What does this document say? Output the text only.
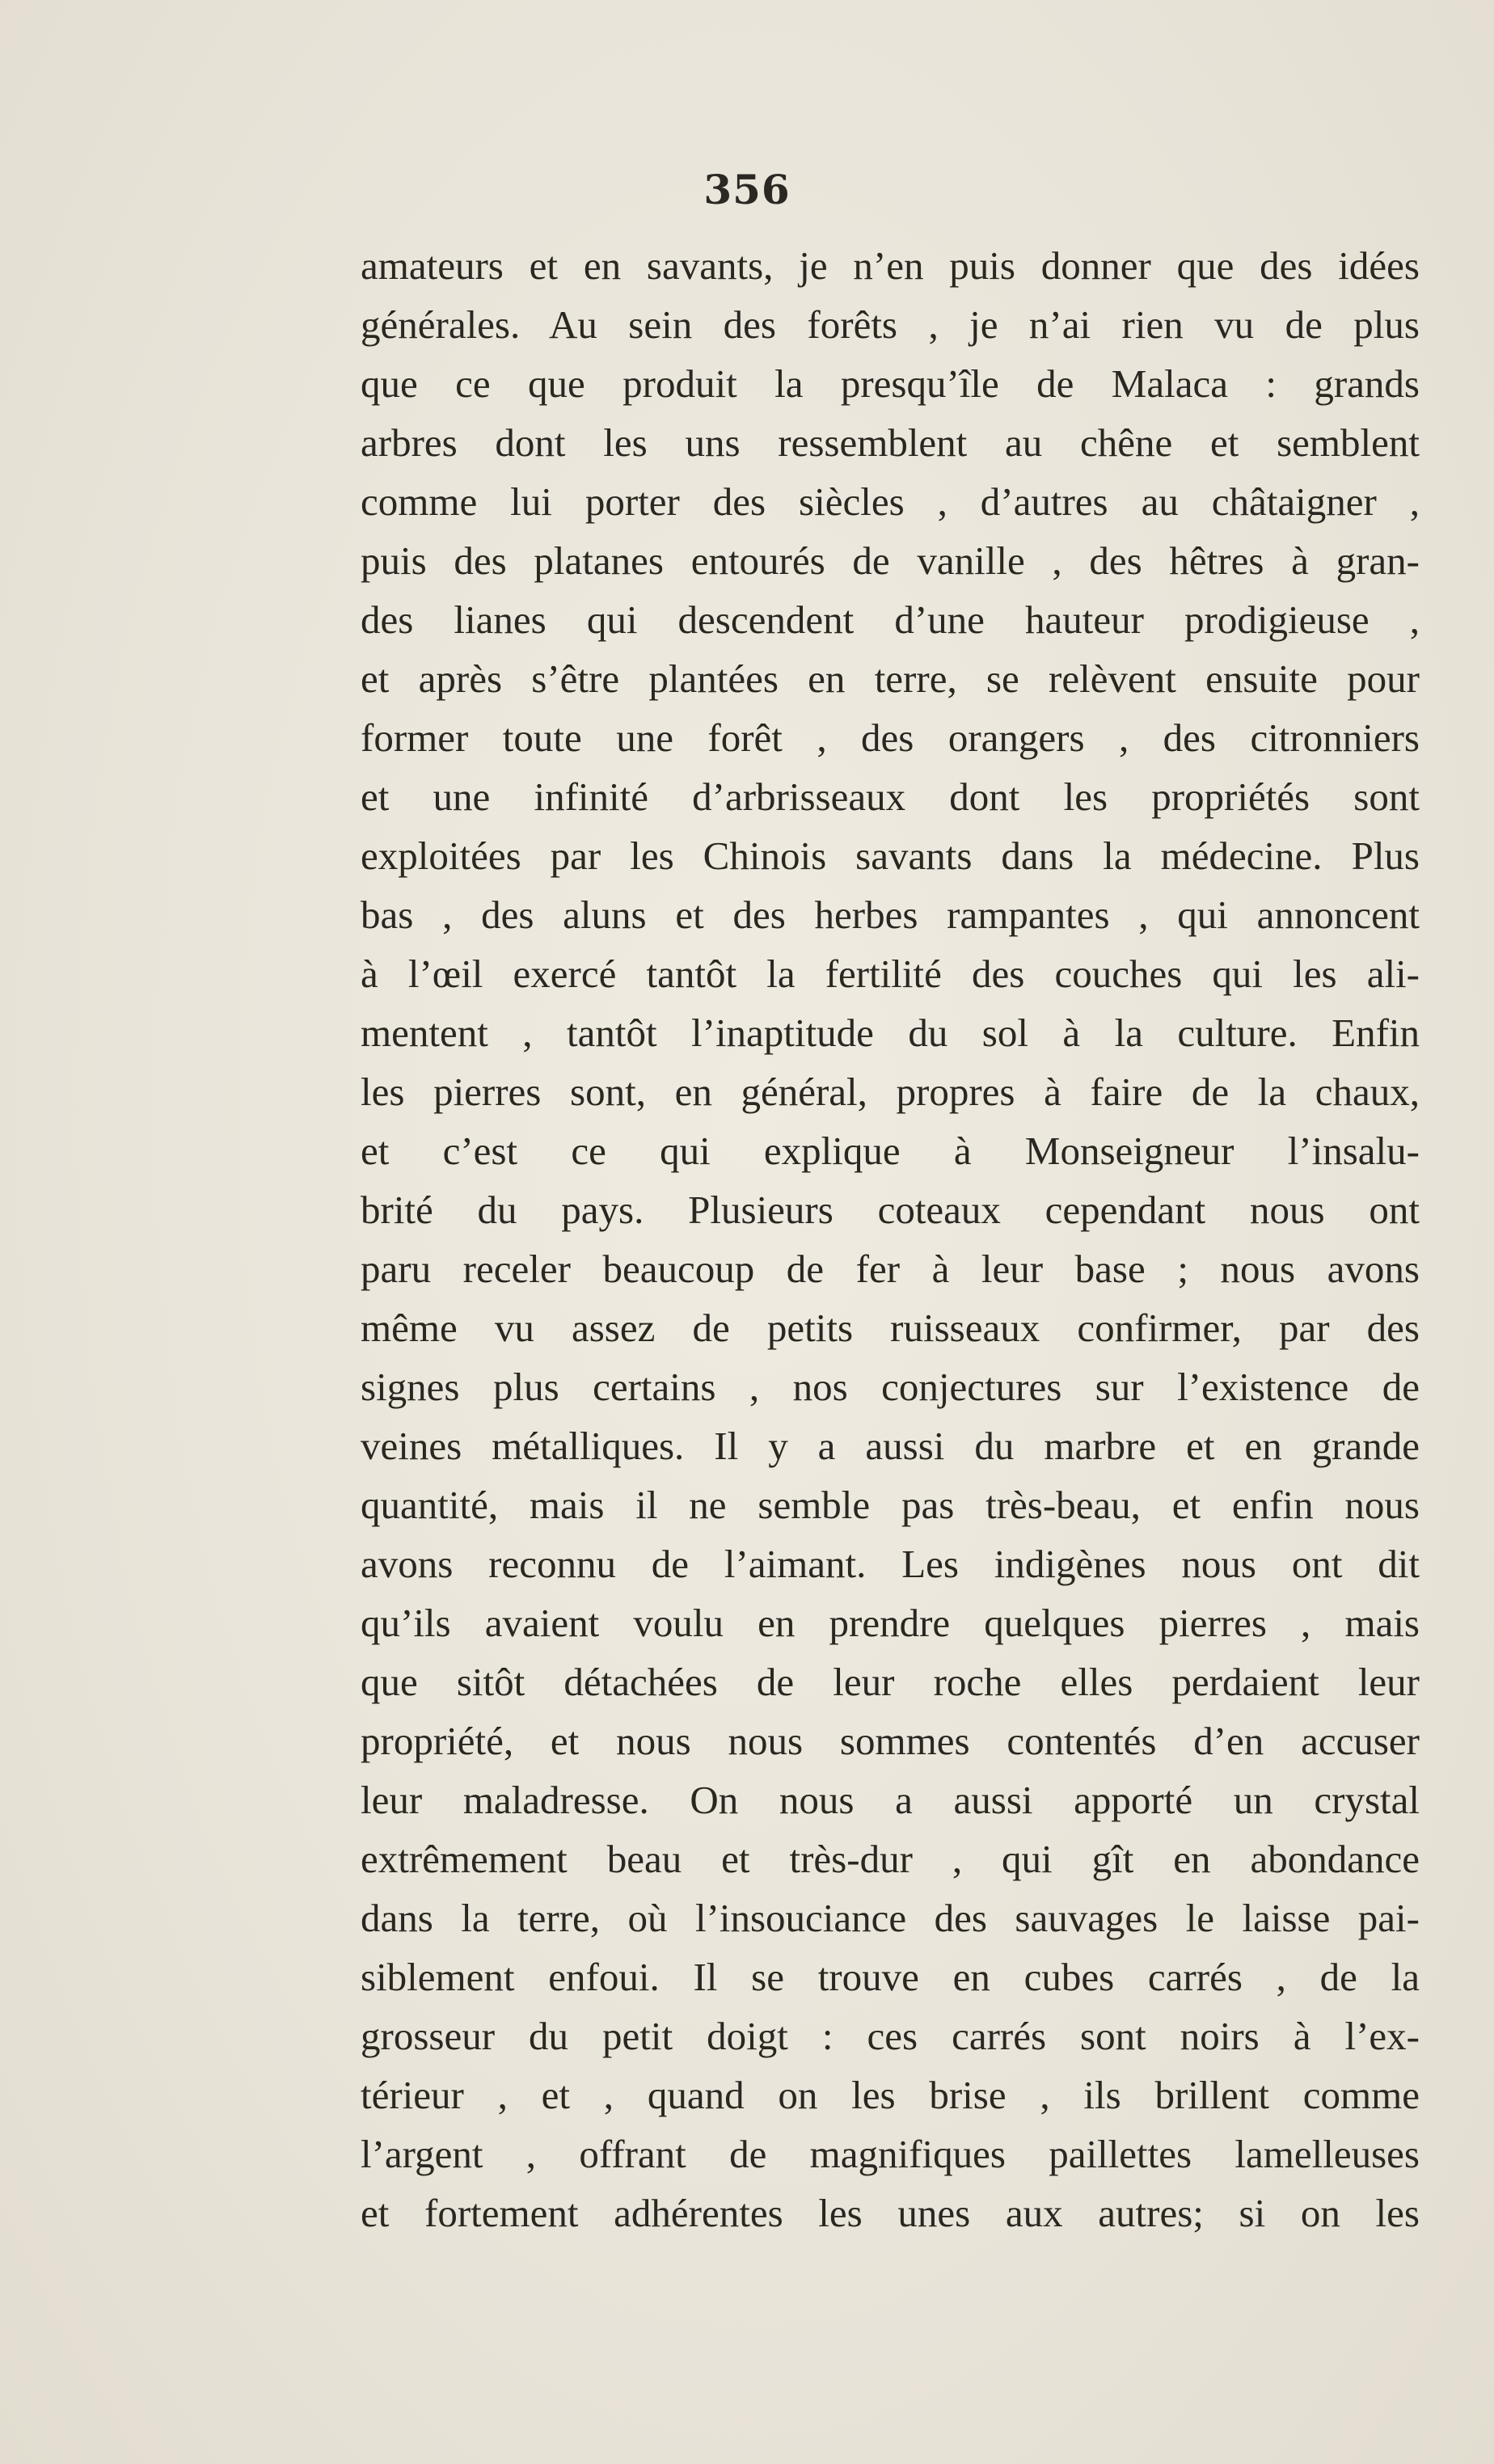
356
amateurs et en savants, je n’en puis donner que des idées
générales. Au sein des forêts , je n’ai rien vu de plus
que ce que produit la presqu’île de Malaca : grands
arbres dont les uns ressemblent au chêne et semblent
comme lui porter des siècles , d’autres au châtaigner ,
puis des platanes entourés de vanille , des hêtres à gran-
des lianes qui descendent d’une hauteur prodigieuse ,
et après s’être plantées en terre, se relèvent ensuite pour
former toute une forêt , des orangers , des citronniers
et une infinité d’arbrisseaux dont les propriétés sont
exploitées par les Chinois savants dans la médecine. Plus
bas , des aluns et des herbes rampantes , qui annoncent
à l’œil exercé tantôt la fertilité des couches qui les ali-
mentent , tantôt l’inaptitude du sol à la culture. Enfin
les pierres sont, en général, propres à faire de la chaux,
et c’est ce qui explique à Monseigneur l’insalu-
brité du pays. Plusieurs coteaux cependant nous ont
paru receler beaucoup de fer à leur base ; nous avons
même vu assez de petits ruisseaux confirmer, par des
signes plus certains , nos conjectures sur l’existence de
veines métalliques. Il y a aussi du marbre et en grande
quantité, mais il ne semble pas très-beau, et enfin nous
avons reconnu de l’aimant. Les indigènes nous ont dit
qu’ils avaient voulu en prendre quelques pierres , mais
que sitôt détachées de leur roche elles perdaient leur
propriété, et nous nous sommes contentés d’en accuser
leur maladresse. On nous a aussi apporté un crystal
extrêmement beau et très-dur , qui gît en abondance
dans la terre, où l’insouciance des sauvages le laisse pai-
siblement enfoui. Il se trouve en cubes carrés , de la
grosseur du petit doigt : ces carrés sont noirs à l’ex-
térieur , et , quand on les brise , ils brillent comme
l’argent , offrant de magnifiques paillettes lamelleuses
et fortement adhérentes les unes aux autres; si on les
